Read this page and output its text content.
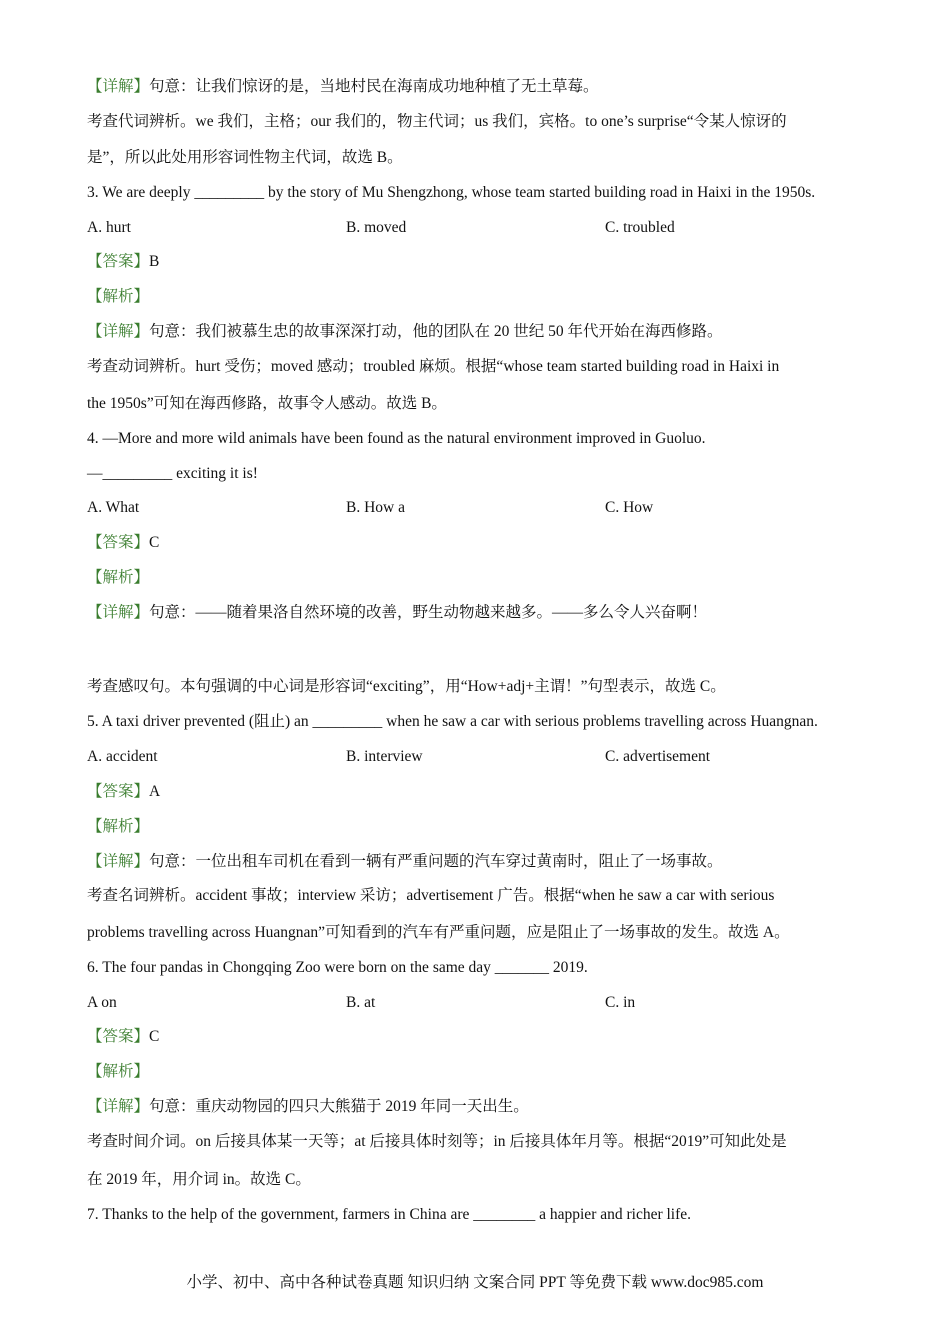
【详解】句意：让我们惊讶的是，当地村民在海南成功地种植了无土草莓。
考查代词辨析。we 我们，主格；our 我们的，物主代词；us 我们，宾格。to one’s surprise“令某人惊讶的
是”，所以此处用形容词性物主代词，故选 B。
3. We are deeply _________ by the story of Mu Shengzhong, whose team started building road in Haixi in the 1950s.
A. hurt	B. moved	C. troubled
【答案】B
【解析】
【详解】句意：我们被慕生忠的故事深深打动，他的团队在 20 世纪 50 年代开始在海西修路。
考查动词辨析。hurt 受伤；moved 感动；troubled 麻烦。根据“whose team started building road in Haixi in
the 1950s”可知在海西修路，故事令人感动。故选 B。
4. —More and more wild animals have been found as the natural environment improved in Guoluo.
—_________ exciting it is!
A. What	B. How a	C. How
【答案】C
【解析】
【详解】句意：——随着果洛自然环境的改善，野生动物越来越多。——多么令人兴奋啊！
考查感叹句。本句强调的中心词是形容词“exciting”，用“How+adj+主谓！”句型表示，故选 C。
5. A taxi driver prevented (阻止) an _________ when he saw a car with serious problems travelling across Huangnan.
A. accident	B. interview	C. advertisement
【答案】A
【解析】
【详解】句意：一位出租车司机在看到一辆有严重问题的汽车穿过黄南时，阻止了一场事故。
考查名词辨析。accident 事故；interview 采访；advertisement 广告。根据“when he saw a car with serious
problems travelling across Huangnan”可知看到的汽车有严重问题，应是阻止了一场事故的发生。故选 A。
6. The four pandas in Chongqing Zoo were born on the same day _______ 2019.
A on	B. at	C. in
【答案】C
【解析】
【详解】句意：重庆动物园的四只大熊猫于 2019 年同一天出生。
考查时间介词。on 后接具体某一天等；at 后接具体时刻等；in 后接具体年月等。根据“2019”可知此处是
在 2019 年，用介词 in。故选 C。
7. Thanks to the help of the government, farmers in China are ________ a happier and richer life.
小学、初中、高中各种试卷真题 知识归纳 文案合同 PPT 等免费下载 www.doc985.com
